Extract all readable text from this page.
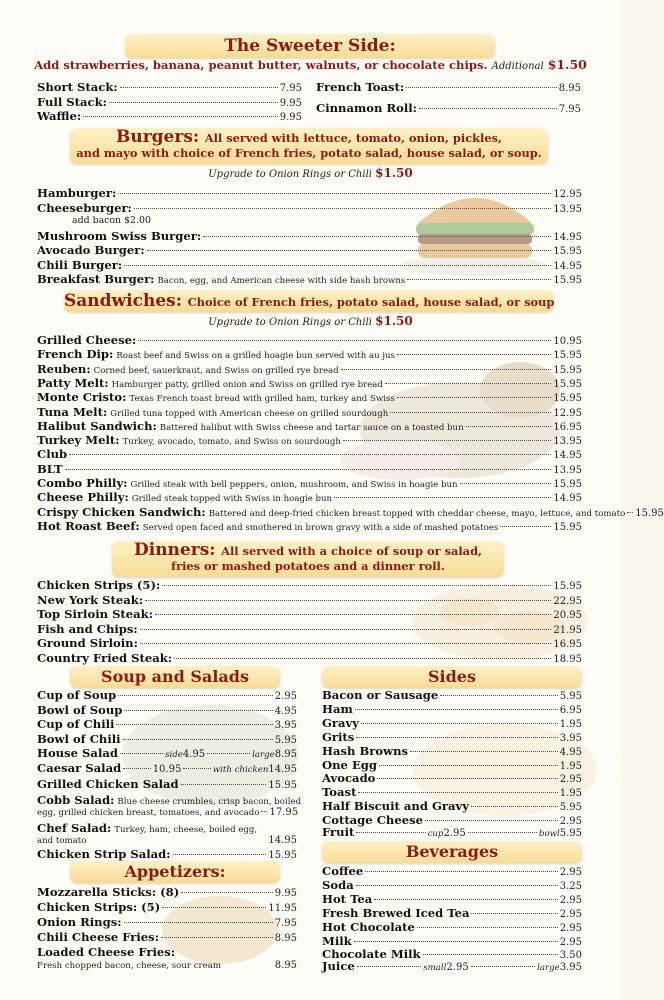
The Sweeter Side:
Add strawberries, banana, peanut butter, walnuts, or chocolate chips. Additional $1.50
Burgers: All served with lettuce, tomato, onion, pickles,
and mayo with choice of French fries, potato salad, house salad, or soup.
Upgrade to Onion Rings or Chili $1.50
add bacon $2.00
Sandwiches: Choice of French fries, potato salad, house salad, or soup
Upgrade to Onion Rings or Chili $1.50
Dinners: All served with a choice of soup or salad,
fries or mashed potatoes and a dinner roll.
Soup and Salads
Appetizers:
Sides
Beverages
Short Stack:	7.95
Full Stack:	9.95
Waffle:	9.95
French Toast:	8.95
Cinnamon Roll:	7.95
Hamburger:	12.95
Cheeseburger:	13.95
Mushroom Swiss Burger:	14.95
Avocado Burger:	15.95
Chili Burger:	14.95
Breakfast Burger: Bacon, egg, and American cheese with side hash browns	15.95
Grilled Cheese:	10.95
French Dip: Roast beef and Swiss on a grilled hoagie bun served with au jus	15.95
Reuben: Corned beef, sauerkraut, and Swiss on grilled rye bread	15.95
Patty Melt: Hamburger patty, grilled onion and Swiss on grilled rye bread	15.95
Monte Cristo: Texas French toast bread with grilled ham, turkey and Swiss	15.95
Tuna Melt: Grilled tuna topped with American cheese on grilled sourdough	12.95
Halibut Sandwich: Battered halibut with Swiss cheese and tartar sauce on a toasted bun	16.95
Turkey Melt: Turkey, avocado, tomato, and Swiss on sourdough	13.95
Club	14.95
BLT	13.95
Combo Philly: Grilled steak with bell peppers, onion, mushroom, and Swiss in hoagie bun	15.95
Cheese Philly: Grilled steak topped with Swiss in hoagie bun	14.95
Crispy Chicken Sandwich: Battered and deep-fried chicken breast topped with cheddar cheese, mayo, lettuce, and tomato 15.95
Hot Roast Beef: Served open faced and smothered in brown gravy with a side of mashed potatoes	15.95
Chicken Strips (5):	15.95
New York Steak:	22.95
Top Sirloin Steak:	20.95
Fish and Chips:	21.95
Ground Sirloin:	16.95
Country Fried Steak:	18.95
Cup of Soup	2.95
Bowl of Soup	4.95
Cup of Chili	3.95
Bowl of Chili	5.95
House Salad	side 4.95	large 8.95
Caesar Salad	10.95	with chicken 14.95
Grilled Chicken Salad	15.95
Cobb Salad: Blue cheese crumbles, crisp bacon, boiled
egg, grilled chicken breast, tomatoes, and avocado 17.95
Chef Salad: Turkey, ham, cheese, boiled egg,
and tomato	14.95
Chicken Strip Salad:	15.95
Mozzarella Sticks: (8)	9.95
Chicken Strips: (5)	11.95
Onion Rings:	7.95
Chili Cheese Fries:	8.95
Loaded Cheese Fries:
Fresh chopped bacon, cheese, sour cream	8.95
Bacon or Sausage	5.95
Ham	6.95
Gravy	1.95
Grits	3.95
Hash Browns	4.95
One Egg	1.95
Avocado	2.95
Toast	1.95
Half Biscuit and Gravy	5.95
Cottage Cheese	2.95
Fruit	cup 2.95	bowl 5.95
Coffee	2.95
Soda	3.25
Hot Tea	2.95
Fresh Brewed Iced Tea	2.95
Hot Chocolate	2.95
Milk	2.95
Chocolate Milk	3.50
Juice	small 2.95	large 3.95
